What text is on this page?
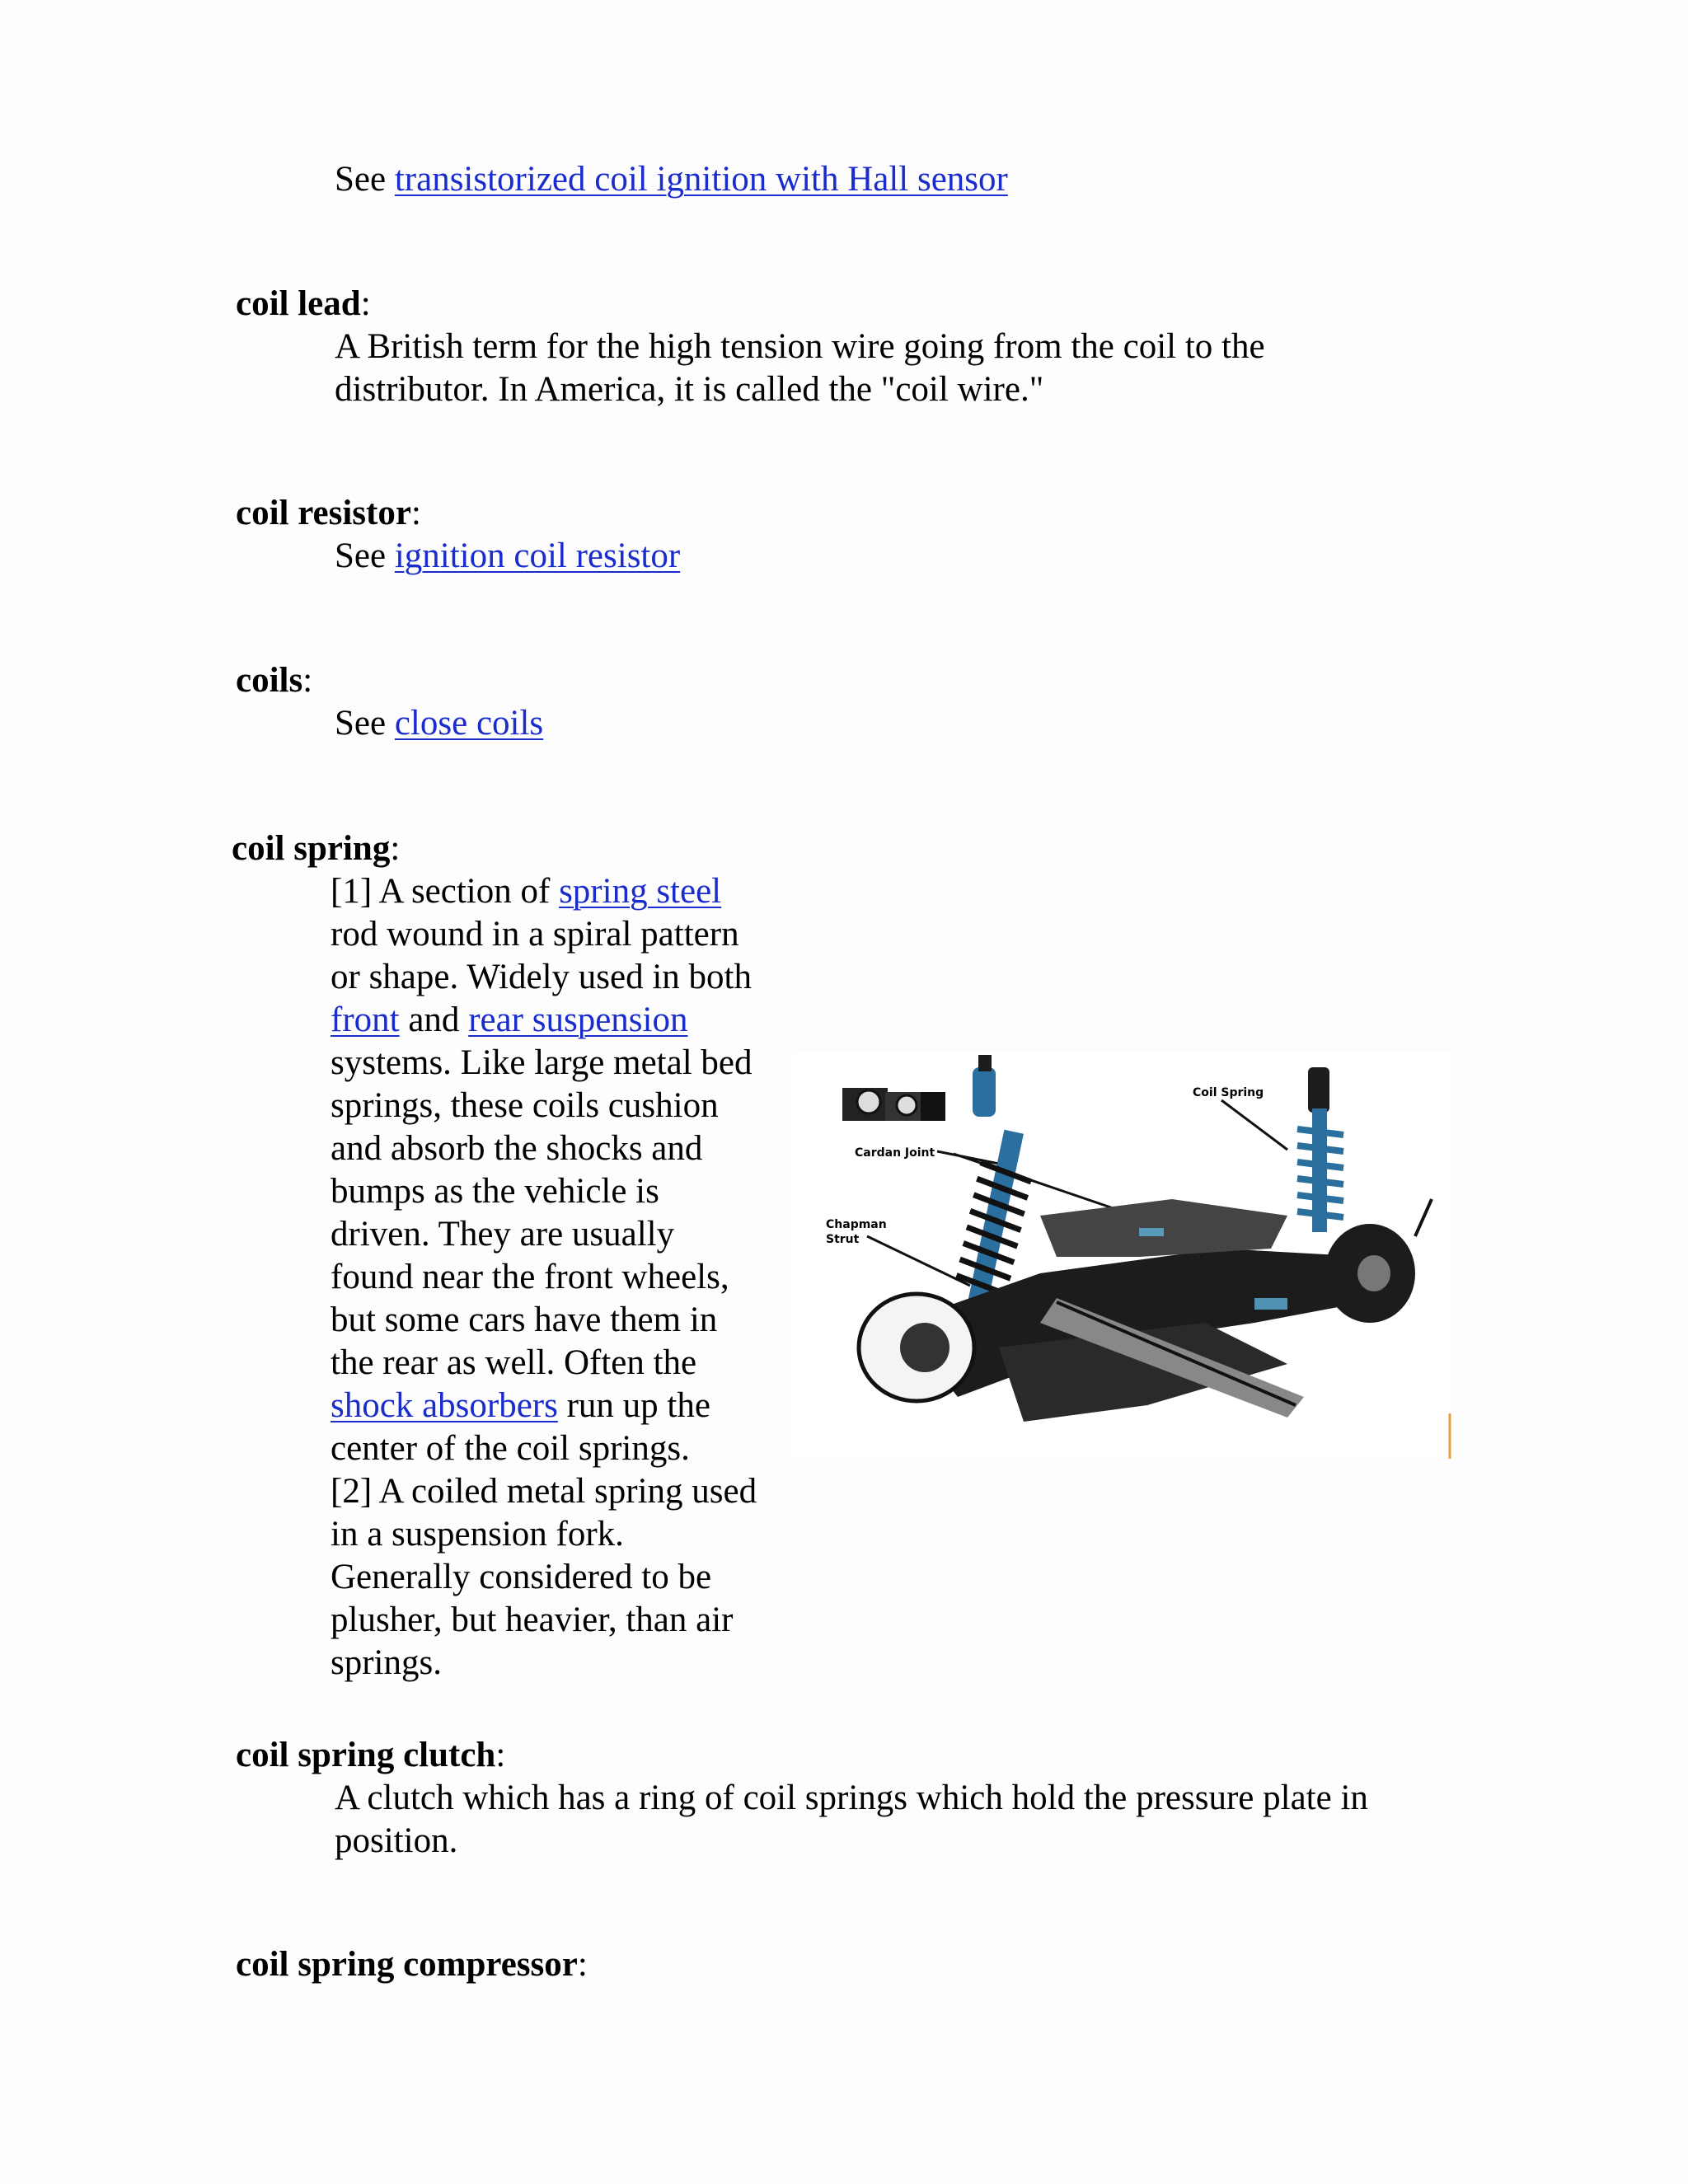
See transistorized coil ignition with Hall sensor
coil lead:
A British term for the high tension wire going from the coil to the
distributor. In America, it is called the "coil wire."
coil resistor:
See ignition coil resistor
coils:
See close coils
coil spring:
[1] A section of spring steel
rod wound in a spiral pattern
or shape. Widely used in both
front and rear suspension
systems. Like large metal bed
springs, these coils cushion
and absorb the shocks and
bumps as the vehicle is
driven. They are usually
found near the front wheels,
but some cars have them in
the rear as well. Often the
shock absorbers run up the
center of the coil springs.
[2] A coiled metal spring used
in a suspension fork.
Generally considered to be
plusher, but heavier, than air
springs.
Cardan Joint
Chapman
Strut
Coil Spring
coil spring clutch:
A clutch which has a ring of coil springs which hold the pressure plate in
position.
coil spring compressor:
